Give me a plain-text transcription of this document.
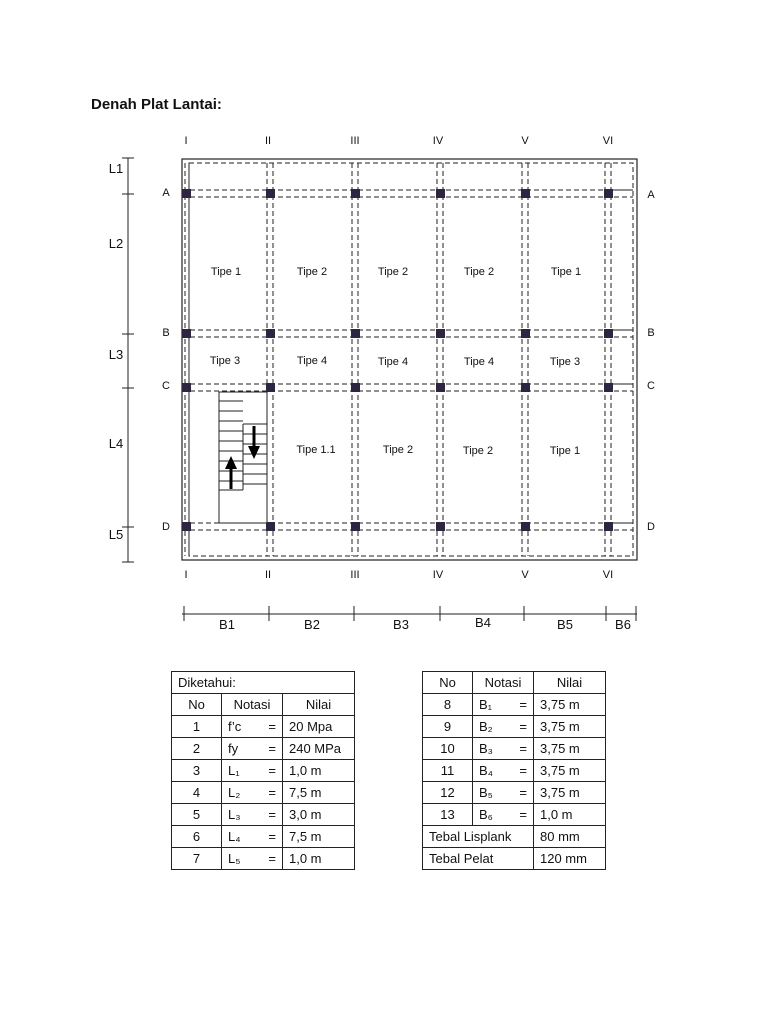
Denah Plat Lantai:
I	II	III	IV	V	VI
I	II	III	IV	V	VI
A
B
C
D
A
B
C
D
L1
L2
L3
L4
L5
B1	B2	B3	B4	B5	B6
Tipe 1	Tipe 2	Tipe 2	Tipe 2	Tipe 1
Tipe 3	Tipe 4	Tipe 4	Tipe 4	Tipe 3
Tipe 1.1	Tipe 2	Tipe 2	Tipe 1
Diketahui:		
No	Notasi	Nilai
1	f’c =	20 Mpa
2	fy =	240 MPa
3	L₁ =	1,0 m
4	L₂ =	7,5 m
5	L₃ =	3,0 m
6	L₄ =	7,5 m
7	L₅ =	1,0 m
No	Notasi	Nilai
8	B₁ =	3,75 m
9	B₂ =	3,75 m
10	B₃ =	3,75 m
11	B₄ =	3,75 m
12	B₅ =	3,75 m
13	B₆ =	1,0 m
Tebal Lisplank		80 mm
Tebal Pelat		120 mm
